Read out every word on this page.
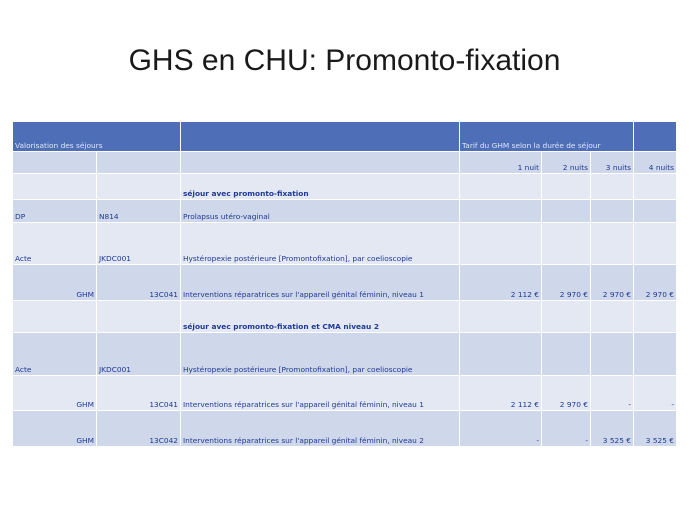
GHS en CHU: Promonto-fixation
Valorisation des séjours			Tarif du GHM selon la durée de séjour			
			1 nuit	2 nuits	3 nuits	4 nuits
		séjour avec promonto-fixation				
DP	N814	Prolapsus utéro-vaginal				
Acte	JKDC001	Hystéropexie postérieure [Promontofixation], par coelioscopie				
GHM	13C041	Interventions réparatrices sur l'appareil génital féminin, niveau 1	2 112 €	2 970 €	2 970 €	2 970 €
		séjour avec promonto-fixation et CMA niveau 2				
Acte	JKDC001	Hystéropexie postérieure [Promontofixation], par coelioscopie				
GHM	13C041	Interventions réparatrices sur l'appareil génital féminin, niveau 1	2 112 €	2 970 €	-	-
GHM	13C042	Interventions réparatrices sur l'appareil génital féminin, niveau 2	-	-	3 525 €	3 525 €
